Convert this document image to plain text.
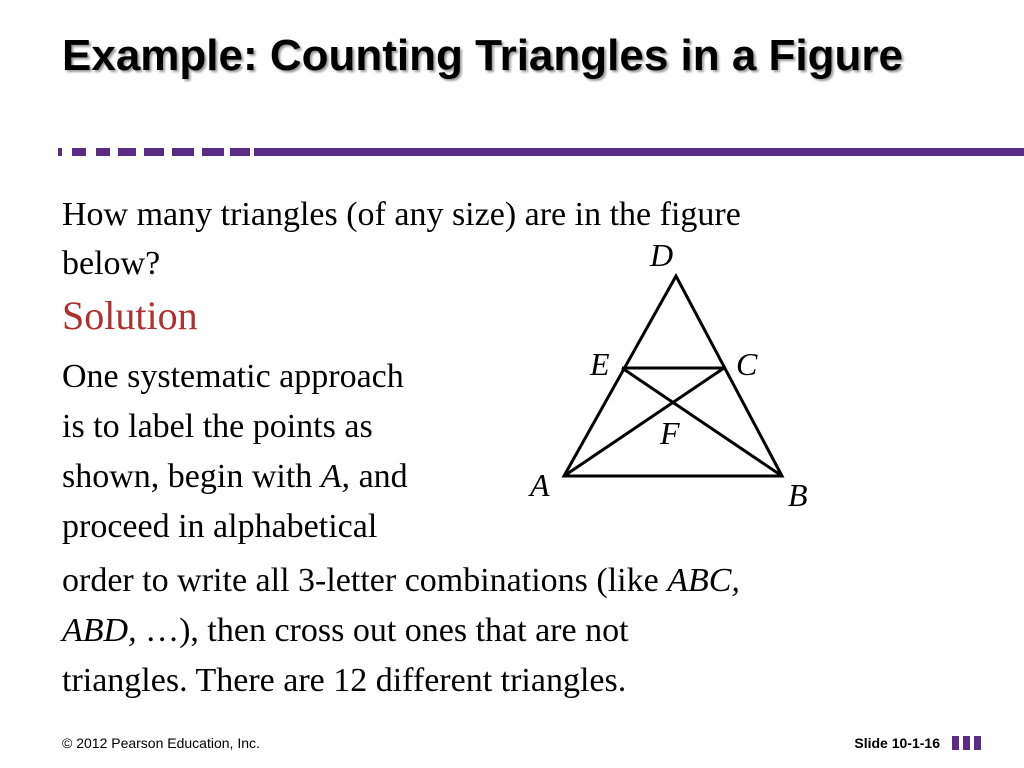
Example: Counting Triangles in a Figure

How many triangles (of any size) are in the figure below?

Solution

One systematic approach
is to label the points as
shown, begin with A, and
proceed in alphabetical

order to write all 3-letter combinations (like ABC,
ABD, …), then cross out ones that are not
triangles. There are 12 different triangles.

D
E	C
F
A	B
© 2012 Pearson Education, Inc.	Slide 10-1-16
